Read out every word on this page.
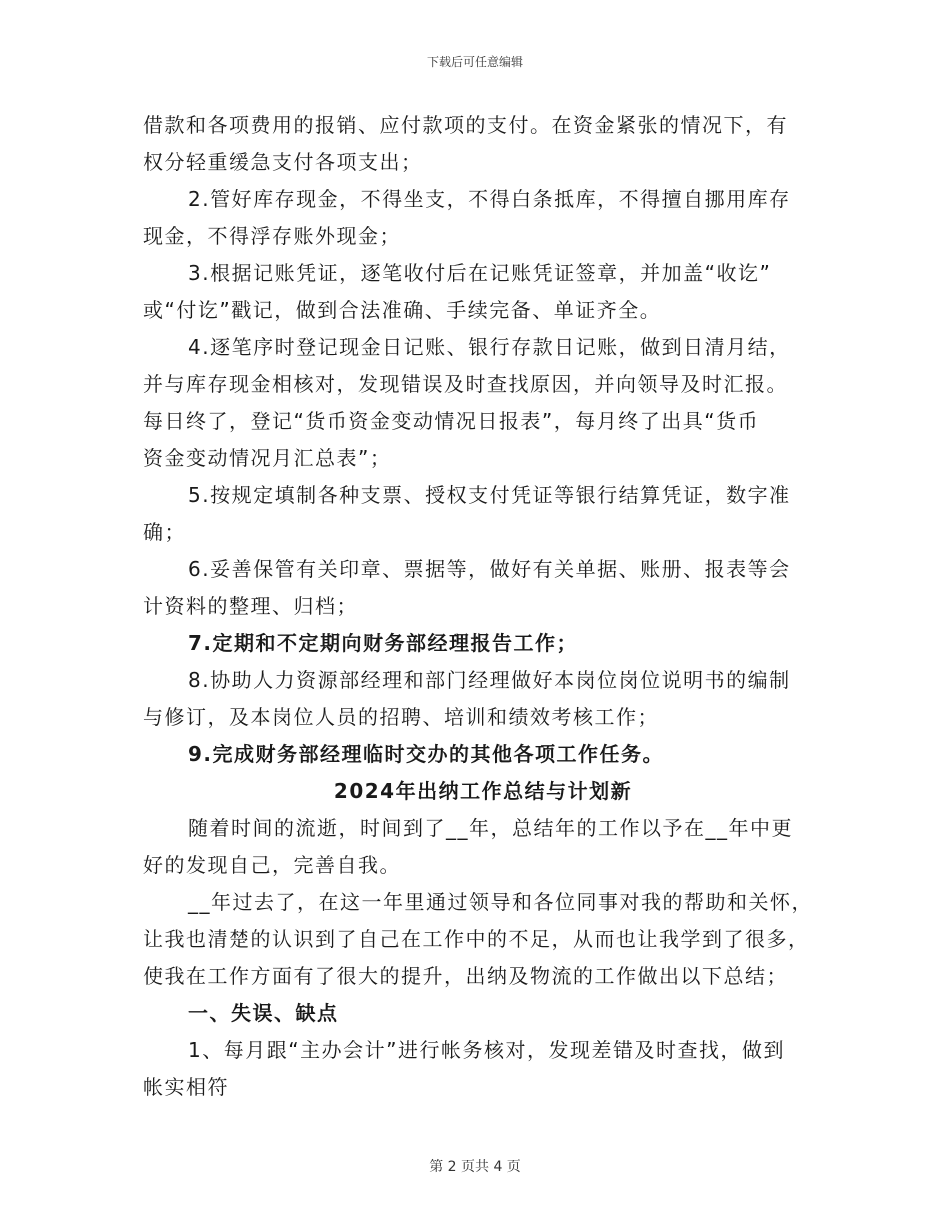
下载后可任意编辑

借款和各项费用的报销、应付款项的支付。在资金紧张的情况下，有

权分轻重缓急支付各项支出；

2.管好库存现金，不得坐支，不得白条抵库，不得擅自挪用库存

现金，不得浮存账外现金；

3.根据记账凭证，逐笔收付后在记账凭证签章，并加盖“收讫”

或“付讫”戳记，做到合法准确、手续完备、单证齐全。

4.逐笔序时登记现金日记账、银行存款日记账，做到日清月结，

并与库存现金相核对，发现错误及时查找原因，并向领导及时汇报。

每日终了，登记“货币资金变动情况日报表”，每月终了出具“货币

资金变动情况月汇总表”；

5.按规定填制各种支票、授权支付凭证等银行结算凭证，数字准

确；

6.妥善保管有关印章、票据等，做好有关单据、账册、报表等会

计资料的整理、归档；

7.定期和不定期向财务部经理报告工作；

8.协助人力资源部经理和部门经理做好本岗位岗位说明书的编制

与修订，及本岗位人员的招聘、培训和绩效考核工作；

9.完成财务部经理临时交办的其他各项工作任务。

2024年出纳工作总结与计划新

随着时间的流逝，时间到了__年，总结年的工作以予在__年中更

好的发现自己，完善自我。

__年过去了，在这一年里通过领导和各位同事对我的帮助和关怀，

让我也清楚的认识到了自己在工作中的不足，从而也让我学到了很多，

使我在工作方面有了很大的提升，出纳及物流的工作做出以下总结；

一、失误、缺点

1、每月跟“主办会计”进行帐务核对，发现差错及时查找，做到

帐实相符

第 2 页共 4 页
